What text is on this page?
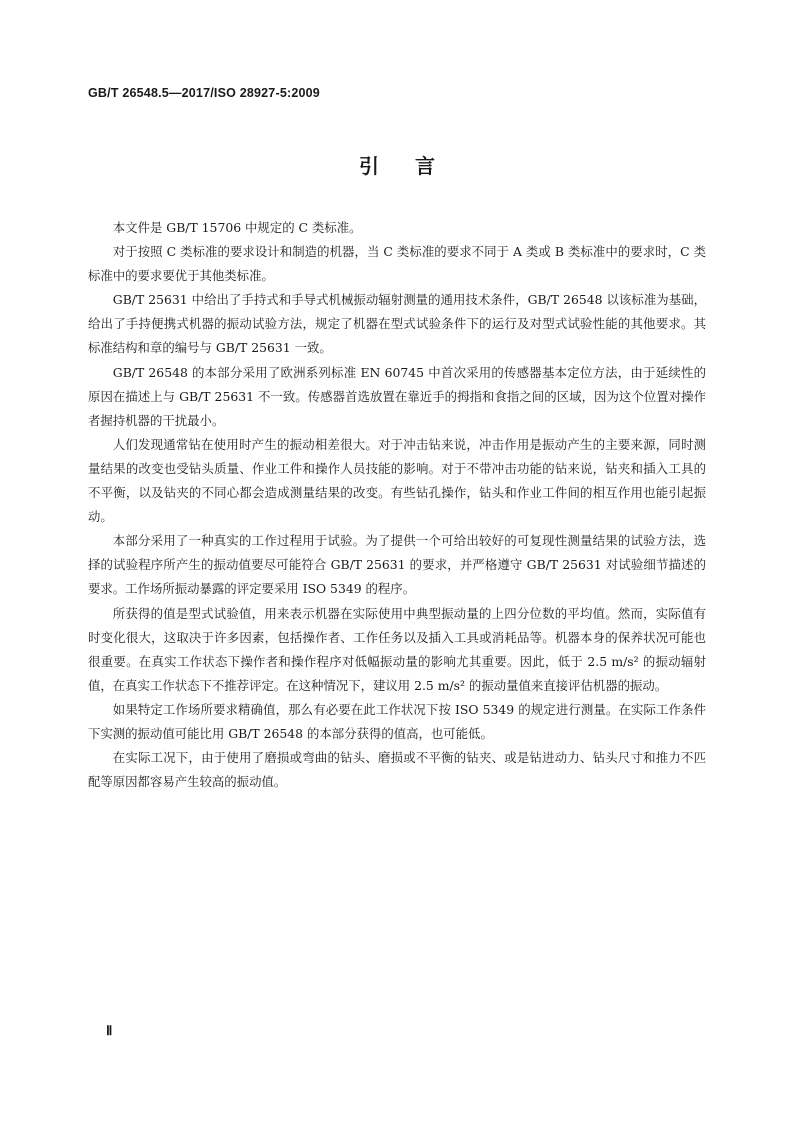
GB/T 26548.5—2017/ISO 28927-5:2009
引言

本文件是 GB/T 15706 中规定的 C 类标准。

对于按照 C 类标准的要求设计和制造的机器，当 C 类标准的要求不同于 A 类或 B 类标准中的要求时，C 类标准中的要求要优于其他类标准。

GB/T 25631 中给出了手持式和手导式机械振动辐射测量的通用技术条件，GB/T 26548 以该标准为基础，给出了手持便携式机器的振动试验方法，规定了机器在型式试验条件下的运行及对型式试验性能的其他要求。其标准结构和章的编号与 GB/T 25631 一致。

GB/T 26548 的本部分采用了欧洲系列标准 EN 60745 中首次采用的传感器基本定位方法，由于延续性的原因在描述上与 GB/T 25631 不一致。传感器首选放置在靠近手的拇指和食指之间的区域，因为这个位置对操作者握持机器的干扰最小。

人们发现通常钻在使用时产生的振动相差很大。对于冲击钻来说，冲击作用是振动产生的主要来源，同时测量结果的改变也受钻头质量、作业工件和操作人员技能的影响。对于不带冲击功能的钻来说，钻夹和插入工具的不平衡，以及钻夹的不同心都会造成测量结果的改变。有些钻孔操作，钻头和作业工件间的相互作用也能引起振动。

本部分采用了一种真实的工作过程用于试验。为了提供一个可给出较好的可复现性测量结果的试验方法，选择的试验程序所产生的振动值要尽可能符合 GB/T 25631 的要求，并严格遵守 GB/T 25631 对试验细节描述的要求。工作场所振动暴露的评定要采用 ISO 5349 的程序。

所获得的值是型式试验值，用来表示机器在实际使用中典型振动量的上四分位数的平均值。然而，实际值有时变化很大，这取决于许多因素，包括操作者、工作任务以及插入工具或消耗品等。机器本身的保养状况可能也很重要。在真实工作状态下操作者和操作程序对低幅振动量的影响尤其重要。因此，低于 2.5 m/s² 的振动辐射值，在真实工作状态下不推荐评定。在这种情况下，建议用 2.5 m/s² 的振动量值来直接评估机器的振动。

如果特定工作场所要求精确值，那么有必要在此工作状况下按 ISO 5349 的规定进行测量。在实际工作条件下实测的振动值可能比用 GB/T 26548 的本部分获得的值高，也可能低。

在实际工况下，由于使用了磨损或弯曲的钻头、磨损或不平衡的钻夹、或是钻进动力、钻头尺寸和推力不匹配等原因都容易产生较高的振动值。

Ⅱ
